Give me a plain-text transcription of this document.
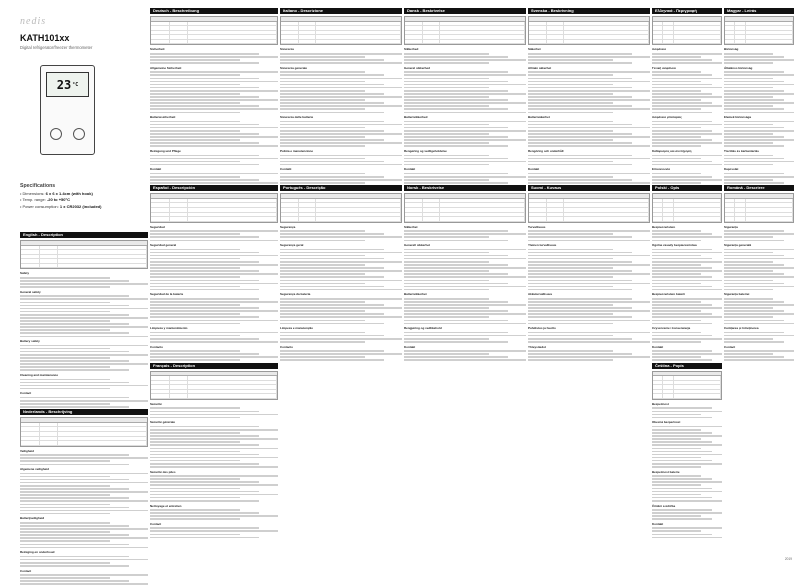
nedis
KATH101xx
Digital refrigerator/freezer thermometer
23 °C
Specifications
• Dimensions: 6 x 6 x 1.4cm (with hook)
• Temp. range: -20 to +50°C
• Power consumption: 1 x CR2032 (included)
English - Description
Safety
General safety
Battery safety
Cleaning and maintenance
Contact
Nederlands - Beschrijving
Veiligheid
Algemene veiligheid
Batterijveiligheid
Reiniging en onderhoud
Contact
Deutsch - Beschreibung
Sicherheit
Allgemeine Sicherheit
Batteriesicherheit
Reinigung und Pflege
Kontakt
Español - Descripción
Seguridad
Seguridad general
Seguridad de la batería
Limpieza y mantenimiento
Contacto
Français - Description
Sécurité
Sécurité générale
Sécurité des piles
Nettoyage et entretien
Contact
Italiano - Descrizione
Sicurezza
Sicurezza generale
Sicurezza delle batterie
Pulizia e manutenzione
Contatti
Português - Descrição
Segurança
Segurança geral
Segurança da bateria
Limpeza e manutenção
Contacto
Dansk - Beskrivelse
Sikkerhed
Generel sikkerhed
Batterisikkerhed
Rengøring og vedligeholdelse
Kontakt
Norsk - Beskrivelse
Sikkerhet
Generell sikkerhet
Batterisikkerhet
Rengjøring og vedlikehold
Kontakt
Svenska - Beskrivning
Säkerhet
Allmän säkerhet
Batterisäkerhet
Rengöring och underhåll
Kontakt
Suomi - Kuvaus
Turvallisuus
Yleinen turvallisuus
Akkuturvallisuus
Puhdistus ja huolto
Yhteystiedot
Ελληνικά - Περιγραφή
Ασφάλεια
Γενική ασφάλεια
Ασφάλεια μπαταρίας
Καθαρισμός και συντήρηση
Επικοινωνία
Polski - Opis
Bezpieczeństwo
Ogólne zasady bezpieczeństwa
Bezpieczeństwo baterii
Czyszczenie i konserwacja
Kontakt
Čeština - Popis
Bezpečnost
Obecná bezpečnost
Bezpečnost baterie
Čištění a údržba
Kontakt
Magyar - Leírás
Biztonság
Általános biztonság
Elemek biztonsága
Tisztítás és karbantartás
Kapcsolat
Română - Descriere
Siguranța
Siguranța generală
Siguranța bateriei
Curățarea și întreținerea
Contact
2019
